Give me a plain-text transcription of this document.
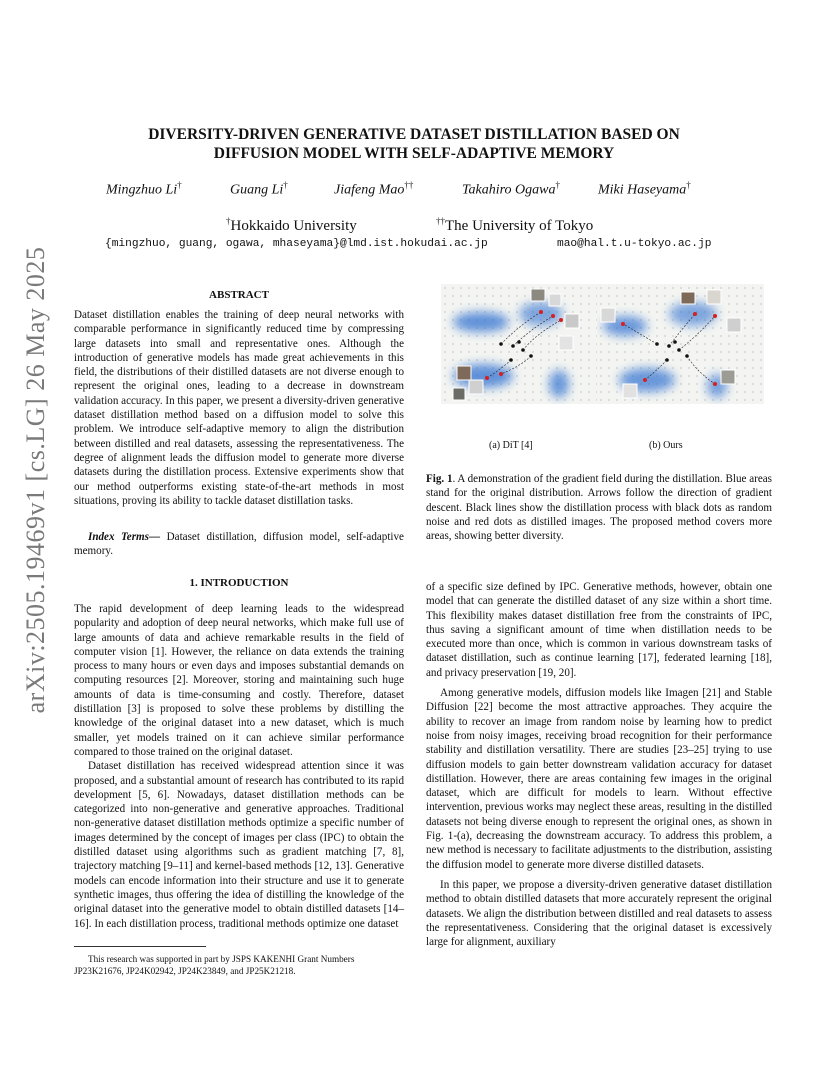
arXiv:2505.19469v1 [cs.LG] 26 May 2025
DIVERSITY-DRIVEN GENERATIVE DATASET DISTILLATION BASED ON
DIFFUSION MODEL WITH SELF-ADAPTIVE MEMORY
Mingzhuo Li†	Guang Li†	Jiafeng Mao††	Takahiro Ogawa†	Miki Haseyama†
†Hokkaido University	††The University of Tokyo
{mingzhuo, guang, ogawa, mhaseyama}@lmd.ist.hokudai.ac.jp	mao@hal.t.u-tokyo.ac.jp
ABSTRACT

Dataset distillation enables the training of deep neural networks with comparable performance in significantly reduced time by compressing large datasets into small and representative ones. Although the introduction of generative models has made great achievements in this field, the distributions of their distilled datasets are not diverse enough to represent the original ones, leading to a decrease in downstream validation accuracy. In this paper, we present a diversity-driven generative dataset distillation method based on a diffusion model to solve this problem. We introduce self-adaptive memory to align the distribution between distilled and real datasets, assessing the representativeness. The degree of alignment leads the diffusion model to generate more diverse datasets during the distillation process. Extensive experiments show that our method outperforms existing state-of-the-art methods in most situations, proving its ability to tackle dataset distillation tasks.

Index Terms— Dataset distillation, diffusion model, self-adaptive memory.

1. INTRODUCTION

The rapid development of deep learning leads to the widespread popularity and adoption of deep neural networks, which make full use of large amounts of data and achieve remarkable results in the field of computer vision [1]. However, the reliance on data extends the training process to many hours or even days and imposes substantial demands on computing resources [2]. Moreover, storing and maintaining such huge amounts of data is time-consuming and costly. Therefore, dataset distillation [3] is proposed to solve these problems by distilling the knowledge of the original dataset into a new dataset, which is much smaller, yet models trained on it can achieve similar performance compared to those trained on the original dataset.

Dataset distillation has received widespread attention since it was proposed, and a substantial amount of research has contributed to its rapid development [5, 6]. Nowadays, dataset distillation methods can be categorized into non-generative and generative approaches. Traditional non-generative dataset distillation methods optimize a specific number of images determined by the concept of images per class (IPC) to obtain the distilled dataset using algorithms such as gradient matching [7, 8], trajectory matching [9–11] and kernel-based methods [12, 13]. Generative models can encode information into their structure and use it to generate synthetic images, thus offering the idea of distilling the knowledge of the original dataset into the generative model to obtain distilled datasets [14–16]. In each distillation process, traditional methods optimize one dataset

This research was supported in part by JSPS KAKENHI Grant Numbers JP23K21676, JP24K02942, JP24K23849, and JP25K21218.
(a) DiT [4]	(b) Ours

Fig. 1. A demonstration of the gradient field during the distillation. Blue areas stand for the original distribution. Arrows follow the direction of gradient descent. Black lines show the distillation process with black dots as random noise and red dots as distilled images. The proposed method covers more areas, showing better diversity.

of a specific size defined by IPC. Generative methods, however, obtain one model that can generate the distilled dataset of any size within a short time. This flexibility makes dataset distillation free from the constraints of IPC, thus saving a significant amount of time when distillation needs to be executed more than once, which is common in various downstream tasks of dataset distillation, such as continue learning [17], federated learning [18], and privacy preservation [19, 20].

Among generative models, diffusion models like Imagen [21] and Stable Diffusion [22] become the most attractive approaches. They acquire the ability to recover an image from random noise by learning how to predict noise from noisy images, receiving broad recognition for their performance stability and distillation versatility. There are studies [23–25] trying to use diffusion models to gain better downstream validation accuracy for dataset distillation. However, there are areas containing few images in the original dataset, which are difficult for models to learn. Without effective intervention, previous works may neglect these areas, resulting in the distilled datasets not being diverse enough to represent the original ones, as shown in Fig. 1-(a), decreasing the downstream accuracy. To address this problem, a new method is necessary to facilitate adjustments to the distribution, assisting the diffusion model to generate more diverse distilled datasets.

In this paper, we propose a diversity-driven generative dataset distillation method to obtain distilled datasets that more accurately represent the original datasets. We align the distribution between distilled and real datasets to assess the representativeness. Considering that the original dataset is excessively large for alignment, auxiliary
